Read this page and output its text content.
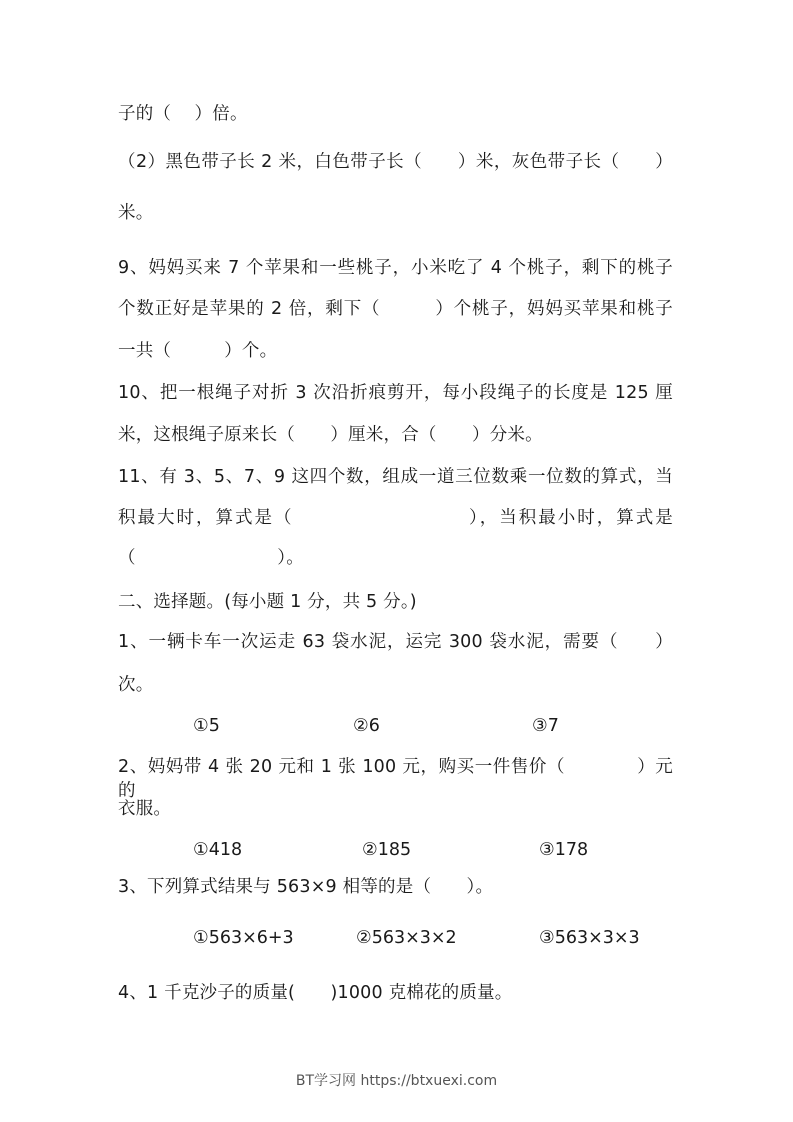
子的（　 ）倍。
（2）黑色带子长 2 米，白色带子长（　　）米，灰色带子长（　　）
米。
9、妈妈买来 7 个苹果和一些桃子，小米吃了 4 个桃子，剩下的桃子
个数正好是苹果的 2 倍，剩下（　　　）个桃子，妈妈买苹果和桃子
一共（　　　）个。
10、把一根绳子对折 3 次沿折痕剪开，每小段绳子的长度是 125 厘
米，这根绳子原来长（　　）厘米，合（　　）分米。
11、有 3、5、7、9 这四个数，组成一道三位数乘一位数的算式，当
积最大时，算式是（　　　　　　　　　），当积最小时，算式是
（　　　　　　　　）。
二、选择题。(每小题 1 分，共 5 分。)
1、一辆卡车一次运走 63 袋水泥，运完 300 袋水泥，需要（　　）
次。
①5	②6	③7
2、妈妈带 4 张 20 元和 1 张 100 元，购买一件售价（　　　　）元的
衣服。
①418	②185	③178
3、下列算式结果与 563×9 相等的是（　　）。
①563×6+3	②563×3×2	③563×3×3
4、1 千克沙子的质量(　　)1000 克棉花的质量。
BT学习网 https://btxuexi.com
